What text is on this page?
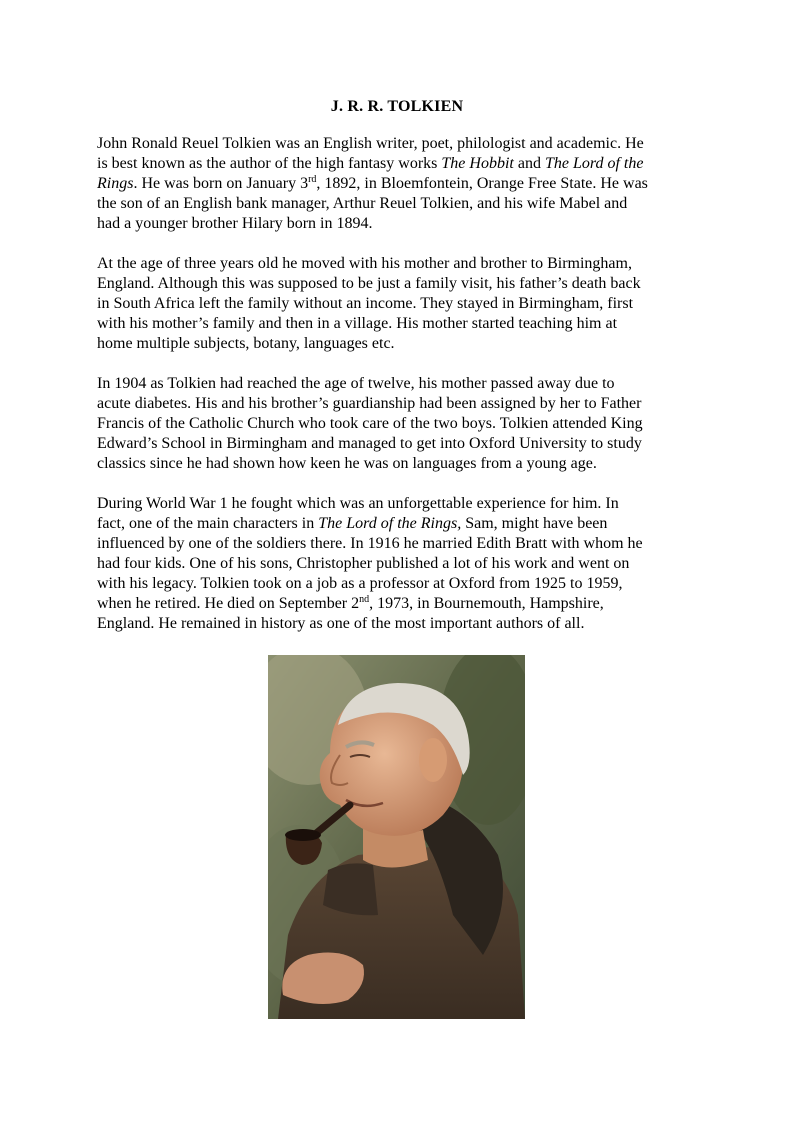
J. R. R. TOLKIEN
John Ronald Reuel Tolkien was an English writer, poet, philologist and academic. He
is best known as the author of the high fantasy works The Hobbit and The Lord of the
Rings. He was born on January 3rd, 1892, in Bloemfontein, Orange Free State. He was
the son of an English bank manager, Arthur Reuel Tolkien, and his wife Mabel and
had a younger brother Hilary born in 1894.
At the age of three years old he moved with his mother and brother to Birmingham,
England. Although this was supposed to be just a family visit, his father’s death back
in South Africa left the family without an income. They stayed in Birmingham, first
with his mother’s family and then in a village. His mother started teaching him at
home multiple subjects, botany, languages etc.
In 1904 as Tolkien had reached the age of twelve, his mother passed away due to
acute diabetes. His and his brother’s guardianship had been assigned by her to Father
Francis of the Catholic Church who took care of the two boys. Tolkien attended King
Edward’s School in Birmingham and managed to get into Oxford University to study
classics since he had shown how keen he was on languages from a young age.
During World War 1 he fought which was an unforgettable experience for him. In
fact, one of the main characters in The Lord of the Rings, Sam, might have been
influenced by one of the soldiers there. In 1916 he married Edith Bratt with whom he
had four kids. One of his sons, Christopher published a lot of his work and went on
with his legacy. Tolkien took on a job as a professor at Oxford from 1925 to 1959,
when he retired. He died on September 2nd, 1973, in Bournemouth, Hampshire,
England. He remained in history as one of the most important authors of all.
